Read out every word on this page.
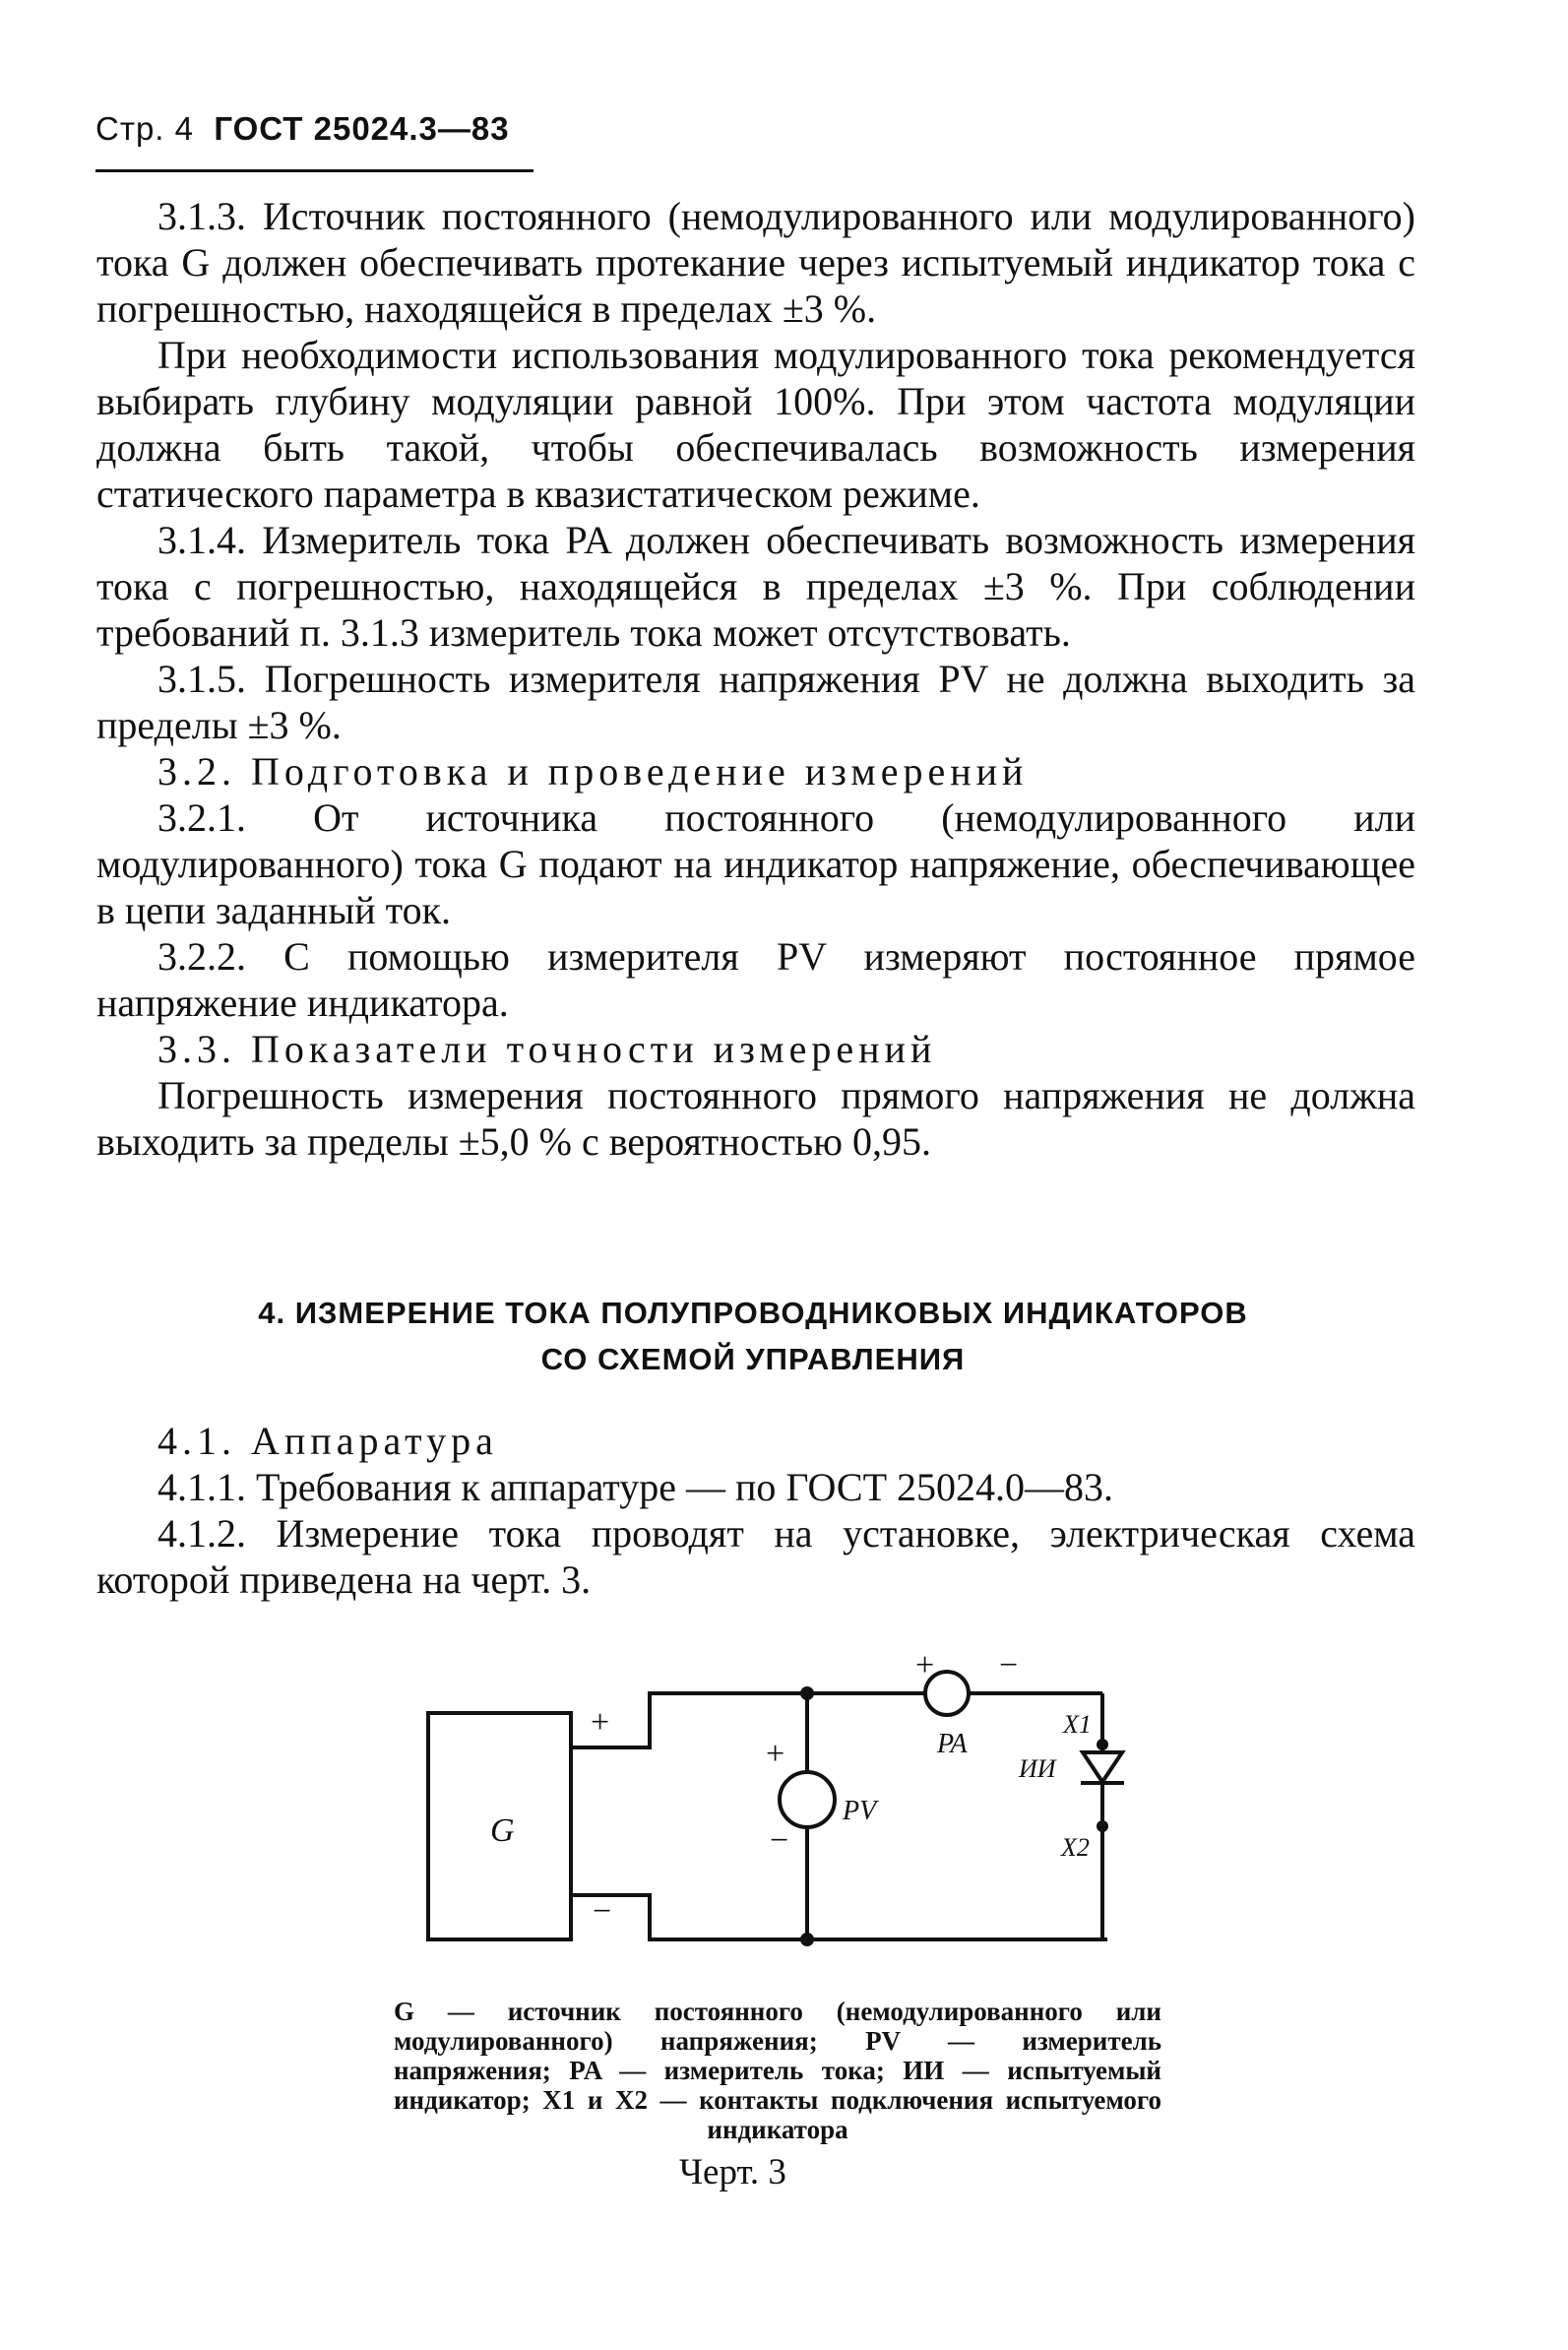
Стр. 4 ГОСТ 25024.3—83

3.1.3. Источник постоянного (немодулированного или модулированного) тока G должен обеспечивать протекание через испытуемый индикатор тока с погрешностью, находящейся в пределах ±3 %.

При необходимости использования модулированного тока рекомендуется выбирать глубину модуляции равной 100%. При этом частота модуляции должна быть такой, чтобы обеспечивалась возможность измерения статического параметра в квазистатическом режиме.

3.1.4. Измеритель тока PA должен обеспечивать возможность измерения тока с погрешностью, находящейся в пределах ±3 %. При соблюдении требований п. 3.1.3 измеритель тока может отсутствовать.

3.1.5. Погрешность измерителя напряжения PV не должна выходить за пределы ±3 %.

3.2. Подготовка и проведение измерений

3.2.1. От источника постоянного (немодулированного или модулированного) тока G подают на индикатор напряжение, обеспечивающее в цепи заданный ток.

3.2.2. С помощью измерителя PV измеряют постоянное прямое напряжение индикатора.

3.3. Показатели точности измерений

Погрешность измерения постоянного прямого напряжения не должна выходить за пределы ±5,0 % с вероятностью 0,95.

4. ИЗМЕРЕНИЕ ТОКА ПОЛУПРОВОДНИКОВЫХ ИНДИКАТОРОВ
СО СХЕМОЙ УПРАВЛЕНИЯ

4.1. Аппаратура

4.1.1. Требования к аппаратуре — по ГОСТ 25024.0—83.

4.1.2. Измерение тока проводят на установке, электрическая схема которой приведена на черт. 3.

G
+
−
PV
+ −
PA
X1
ИИ
X2
+
−
G — источник постоянного (немодулированного или модулированного) напряжения; PV — измеритель напряжения; PA — измеритель тока; ИИ — испытуемый индикатор; X1 и X2 — контакты подключения испытуемого индикатора
Черт. 3
